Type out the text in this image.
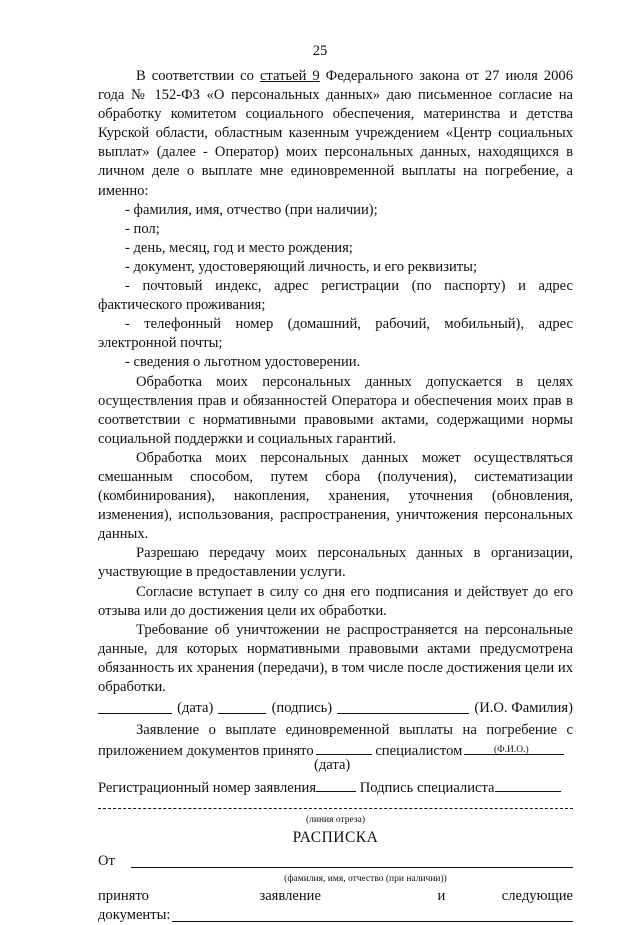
25

В соответствии со статьей 9 Федерального закона от 27 июля 2006 года № 152-ФЗ «О персональных данных» даю письменное согласие на обработку комитетом социального обеспечения, материнства и детства Курской области, областным казенным учреждением «Центр социальных выплат» (далее - Оператор) моих персональных данных, находящихся в личном деле о выплате мне единовременной выплаты на погребение, а именно:

- фамилия, имя, отчество (при наличии);

- пол;

- день, месяц, год и место рождения;

- документ, удостоверяющий личность, и его реквизиты;

- почтовый индекс, адрес регистрации (по паспорту) и адрес фактического проживания;

- телефонный номер (домашний, рабочий, мобильный), адрес электронной почты;

- сведения о льготном удостоверении.

Обработка моих персональных данных допускается в целях осуществления прав и обязанностей Оператора и обеспечения моих прав в соответствии с нормативными правовыми актами, содержащими нормы социальной поддержки и социальных гарантий.

Обработка моих персональных данных может осуществляться смешанным способом, путем сбора (получения), систематизации (комбинирования), накопления, хранения, уточнения (обновления, изменения), использования, распространения, уничтожения персональных данных.

Разрешаю передачу моих персональных данных в организации, участвующие в предоставлении услуги.

Согласие вступает в силу со дня его подписания и действует до его отзыва или до достижения цели их обработки.

Требование об уничтожении не распространяется на персональные данные, для которых нормативными правовыми актами предусмотрена обязанность их хранения (передачи), в том числе после достижения цели их обработки.

(дата)	(подпись)	(И.О. Фамилия)

Заявление о выплате единовременной выплаты на погребение с приложением документов принято	специалистом	(Ф.И.О.)
(дата)

Регистрационный номер заявления	Подпись специалиста

(линия отреза)

РАСПИСКА

От
(фамилия, имя, отчество (при наличии))
принято	заявление	и	следующие
документы:
